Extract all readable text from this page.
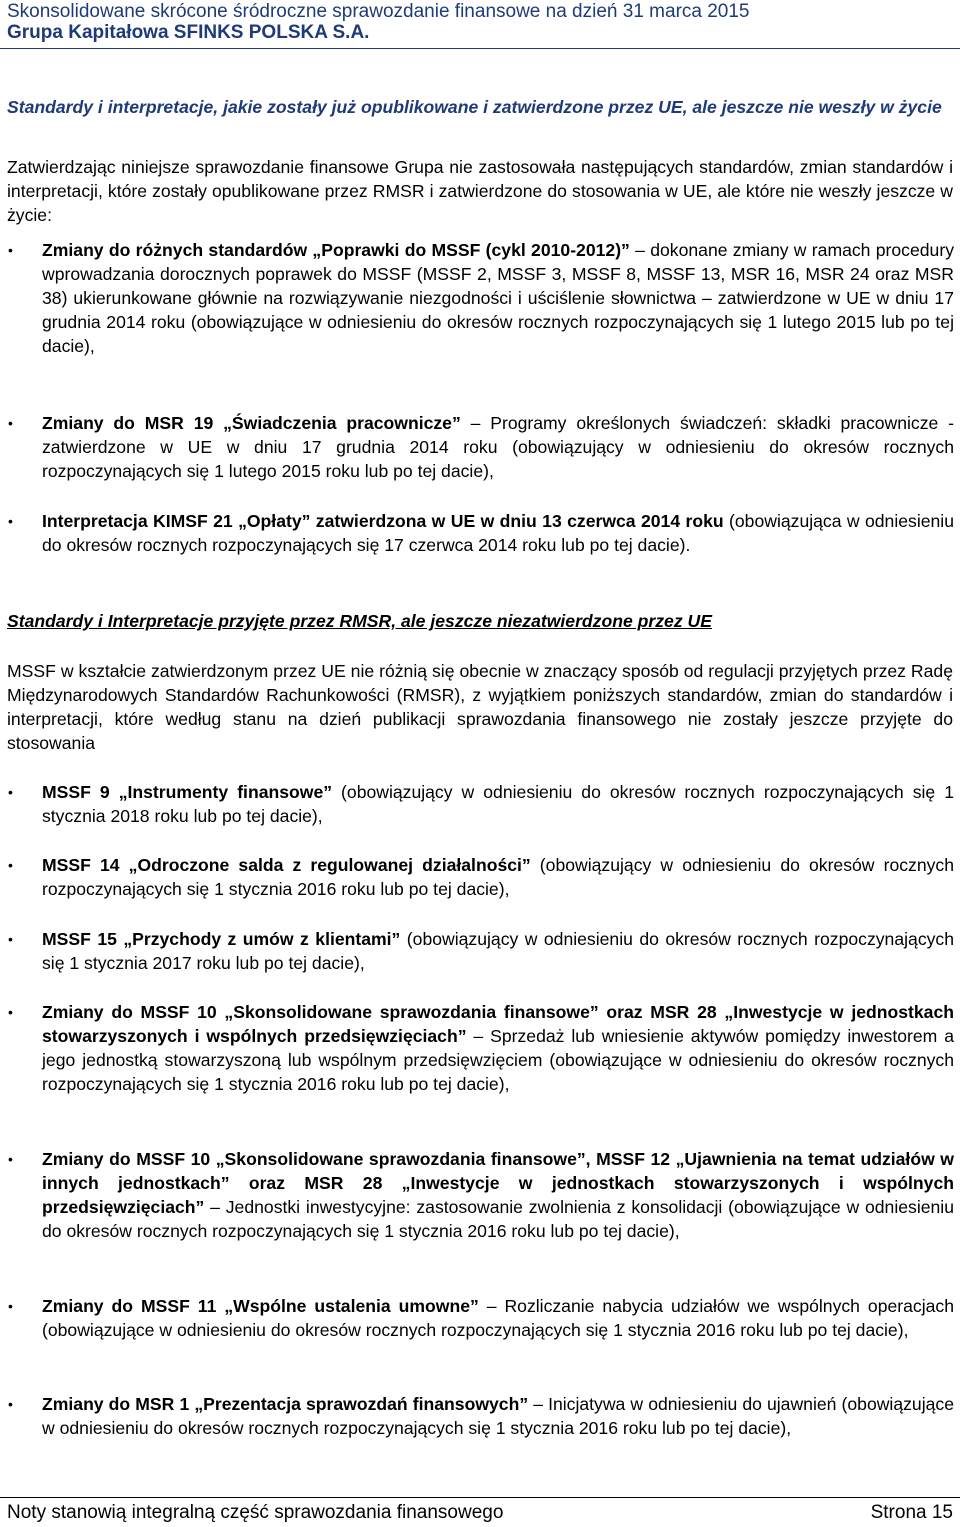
Skonsolidowane skrócone śródroczne sprawozdanie finansowe na dzień 31 marca 2015
Grupa Kapitałowa SFINKS POLSKA S.A.
Standardy i interpretacje, jakie zostały już opublikowane i zatwierdzone przez UE, ale jeszcze nie weszły w życie
Zatwierdzając niniejsze sprawozdanie finansowe Grupa nie zastosowała następujących standardów, zmian standardów i interpretacji, które zostały opublikowane przez RMSR i zatwierdzone do stosowania w UE, ale które nie weszły jeszcze w życie:
• Zmiany do różnych standardów „Poprawki do MSSF (cykl 2010-2012)” – dokonane zmiany w ramach procedury wprowadzania dorocznych poprawek do MSSF (MSSF 2, MSSF 3, MSSF 8, MSSF 13, MSR 16, MSR 24 oraz MSR 38) ukierunkowane głównie na rozwiązywanie niezgodności i uściślenie słownictwa – zatwierdzone w UE w dniu 17 grudnia 2014 roku (obowiązujące w odniesieniu do okresów rocznych rozpoczynających się 1 lutego 2015 lub po tej dacie),
• Zmiany do MSR 19 „Świadczenia pracownicze” – Programy określonych świadczeń: składki pracownicze - zatwierdzone w UE w dniu 17 grudnia 2014 roku (obowiązujący w odniesieniu do okresów rocznych rozpoczynających się 1 lutego 2015 roku lub po tej dacie),
• Interpretacja KIMSF 21 „Opłaty” zatwierdzona w UE w dniu 13 czerwca 2014 roku (obowiązująca w odniesieniu do okresów rocznych rozpoczynających się 17 czerwca 2014 roku lub po tej dacie).
Standardy i Interpretacje przyjęte przez RMSR, ale jeszcze niezatwierdzone przez UE
MSSF w kształcie zatwierdzonym przez UE nie różnią się obecnie w znaczący sposób od regulacji przyjętych przez Radę Międzynarodowych Standardów Rachunkowości (RMSR), z wyjątkiem poniższych standardów, zmian do standardów i interpretacji, które według stanu na dzień publikacji sprawozdania finansowego nie zostały jeszcze przyjęte do stosowania
• MSSF 9 „Instrumenty finansowe” (obowiązujący w odniesieniu do okresów rocznych rozpoczynających się 1 stycznia 2018 roku lub po tej dacie),
• MSSF 14 „Odroczone salda z regulowanej działalności” (obowiązujący w odniesieniu do okresów rocznych rozpoczynających się 1 stycznia 2016 roku lub po tej dacie),
• MSSF 15 „Przychody z umów z klientami” (obowiązujący w odniesieniu do okresów rocznych rozpoczynających się 1 stycznia 2017 roku lub po tej dacie),
• Zmiany do MSSF 10 „Skonsolidowane sprawozdania finansowe” oraz MSR 28 „Inwestycje w jednostkach stowarzyszonych i wspólnych przedsięwzięciach” – Sprzedaż lub wniesienie aktywów pomiędzy inwestorem a jego jednostką stowarzyszoną lub wspólnym przedsięwzięciem (obowiązujące w odniesieniu do okresów rocznych rozpoczynających się 1 stycznia 2016 roku lub po tej dacie),
• Zmiany do MSSF 10 „Skonsolidowane sprawozdania finansowe”, MSSF 12 „Ujawnienia na temat udziałów w innych jednostkach” oraz MSR 28 „Inwestycje w jednostkach stowarzyszonych i wspólnych przedsięwzięciach” – Jednostki inwestycyjne: zastosowanie zwolnienia z konsolidacji (obowiązujące w odniesieniu do okresów rocznych rozpoczynających się 1 stycznia 2016 roku lub po tej dacie),
• Zmiany do MSSF 11 „Wspólne ustalenia umowne” – Rozliczanie nabycia udziałów we wspólnych operacjach (obowiązujące w odniesieniu do okresów rocznych rozpoczynających się 1 stycznia 2016 roku lub po tej dacie),
• Zmiany do MSR 1 „Prezentacja sprawozdań finansowych” – Inicjatywa w odniesieniu do ujawnień (obowiązujące w odniesieniu do okresów rocznych rozpoczynających się 1 stycznia 2016 roku lub po tej dacie),
Noty stanowią integralną część sprawozdania finansowego	Strona 15
